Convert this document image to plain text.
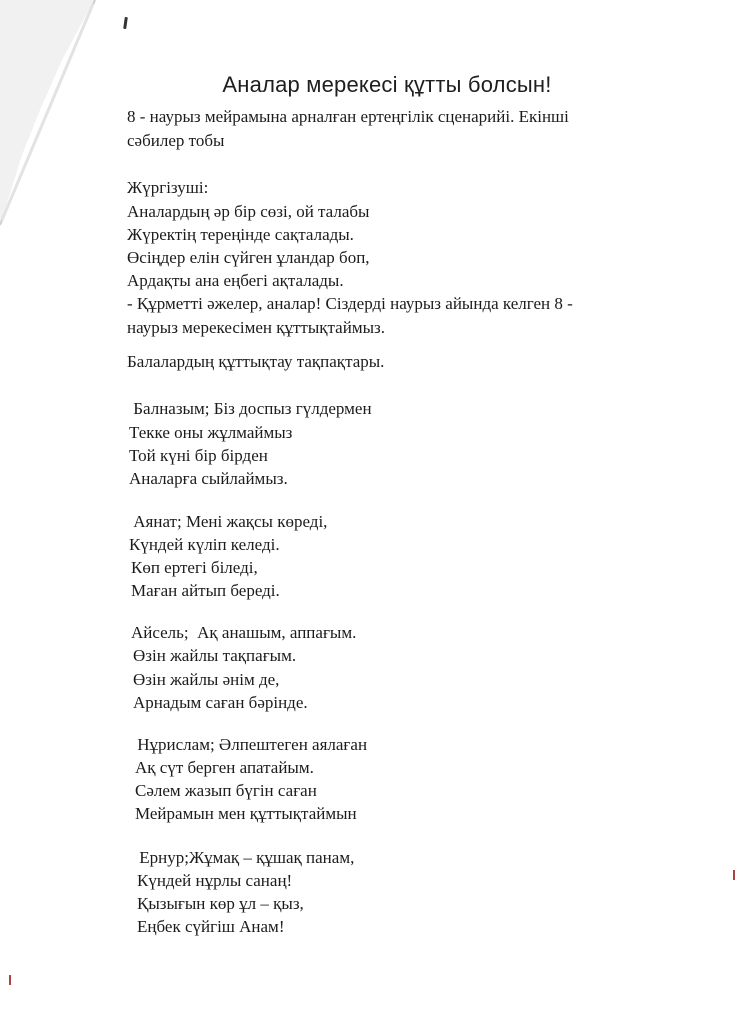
Аналар мерекесі құтты болсын!
8 - наурыз мейрамына арналған ертеңгілік сценарийі. Екінші
сәбилер тобы
Жүргізуші:
Аналардың әр бір сөзі, ой талабы
Жүректің тереңінде сақталады.
Өсіңдер елін сүйген ұландар боп,
Ардақты ана еңбегі ақталады.
- Құрметті әжелер, аналар! Сіздерді наурыз айында келген 8 -
наурыз мерекесімен құттықтаймыз.
Балалардың құттықтау тақпақтары.
Балназым; Біз доспыз гүлдермен
Текке оны жұлмаймыз
Той күні бір бірден
Аналарға сыйлаймыз.
Аянат; Мені жақсы көреді,
Күндей күліп келеді.
Көп ертегі біледі,
Маған айтып береді.
Айсель;  Ақ анашым, аппағым.
Өзін жайлы тақпағым.
Өзін жайлы әнім де,
Арнадым саған бәрінде.
Нұрислам; Әлпештеген аялаған
Ақ сүт берген апатайым.
Сәлем жазып бүгін саған
Мейрамын мен құттықтаймын
Ернур;Жұмақ – құшақ панам,
Күндей нұрлы санаң!
Қызығын көр ұл – қыз,
Еңбек сүйгіш Анам!
